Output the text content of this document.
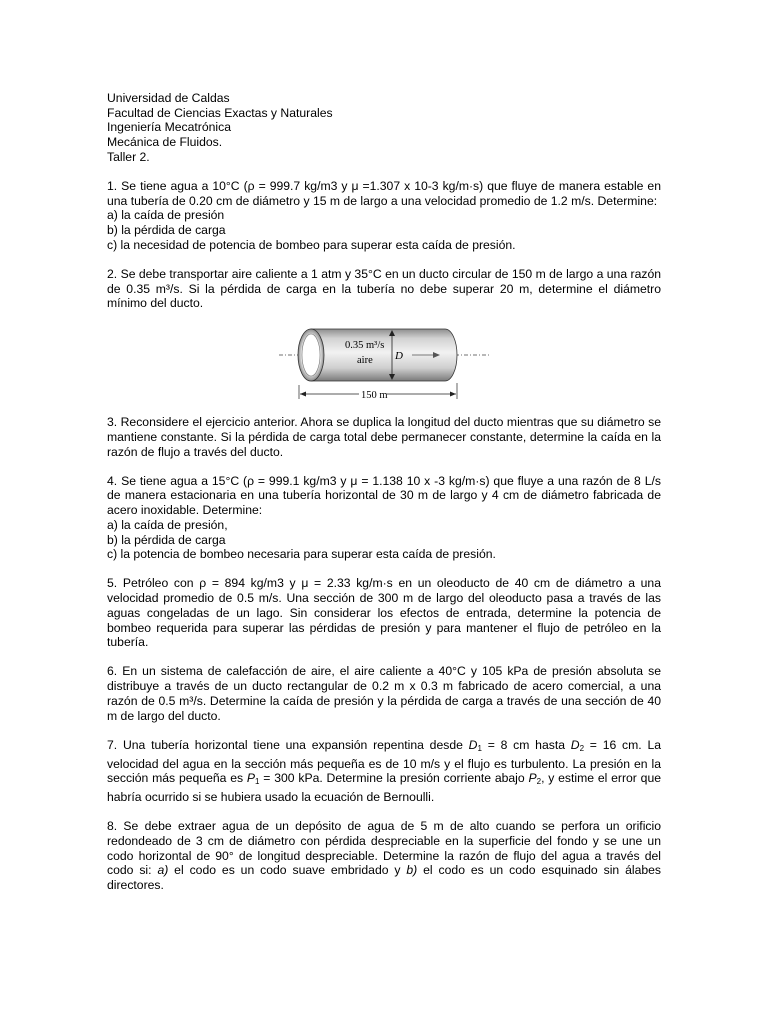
Universidad de Caldas
Facultad de Ciencias Exactas y Naturales
Ingeniería Mecatrónica
Mecánica de Fluidos.
Taller 2.
1. Se tiene agua a 10°C (ρ = 999.7 kg/m3 y μ =1.307 x 10-3 kg/m·s) que fluye de manera estable en una tubería de 0.20 cm de diámetro y 15 m de largo a una velocidad promedio de 1.2 m/s. Determine:
a) la caída de presión
b) la pérdida de carga
c) la necesidad de potencia de bombeo para superar esta caída de presión.
2. Se debe transportar aire caliente a 1 atm y 35°C en un ducto circular de 150 m de largo a una razón de 0.35 m³/s. Si la pérdida de carga en la tubería no debe superar 20 m, determine el diámetro mínimo del ducto.
0.35 m³/s
aire D
150 m
3. Reconsidere el ejercicio anterior. Ahora se duplica la longitud del ducto mientras que su diámetro se mantiene constante. Si la pérdida de carga total debe permanecer constante, determine la caída en la razón de flujo a través del ducto.
4. Se tiene agua a 15°C (ρ = 999.1 kg/m3 y μ = 1.138 10 x -3 kg/m·s) que fluye a una razón de 8 L/s de manera estacionaria en una tubería horizontal de 30 m de largo y 4 cm de diámetro fabricada de acero inoxidable. Determine:
a) la caída de presión,
b) la pérdida de carga
c) la potencia de bombeo necesaria para superar esta caída de presión.
5. Petróleo con ρ = 894 kg/m3 y μ = 2.33 kg/m·s en un oleoducto de 40 cm de diámetro a una velocidad promedio de 0.5 m/s. Una sección de 300 m de largo del oleoducto pasa a través de las aguas congeladas de un lago. Sin considerar los efectos de entrada, determine la potencia de bombeo requerida para superar las pérdidas de presión y para mantener el flujo de petróleo en la tubería.
6. En un sistema de calefacción de aire, el aire caliente a 40°C y 105 kPa de presión absoluta se distribuye a través de un ducto rectangular de 0.2 m x 0.3 m fabricado de acero comercial, a una razón de 0.5 m³/s. Determine la caída de presión y la pérdida de carga a través de una sección de 40 m de largo del ducto.
7. Una tubería horizontal tiene una expansión repentina desde $D_1 = 8$ cm hasta $D_2 = 16$ cm. La velocidad del agua en la sección más pequeña es de 10 m/s y el flujo es turbulento. La presión en la sección más pequeña es $P_1 = 300$ kPa. Determine la presión corriente abajo $P_2$, y estime el error que habría ocurrido si se hubiera usado la ecuación de Bernoulli.
8. Se debe extraer agua de un depósito de agua de 5 m de alto cuando se perfora un orificio redondeado de 3 cm de diámetro con pérdida despreciable en la superficie del fondo y se une un codo horizontal de 90° de longitud despreciable. Determine la razón de flujo del agua a través del codo si: a) el codo es un codo suave embridado y b) el codo es un codo esquinado sin álabes directores.
